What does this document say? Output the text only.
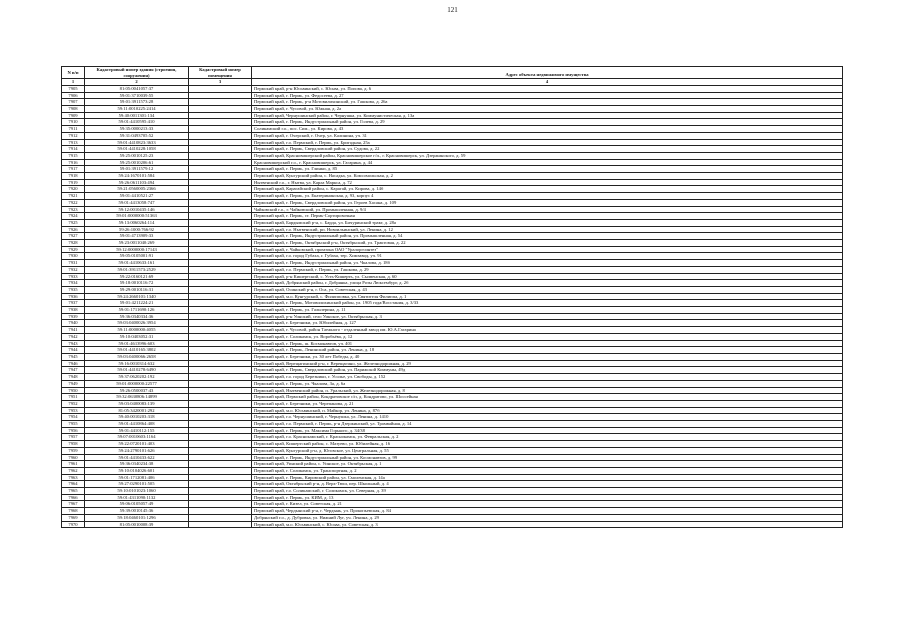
121
N п/п	Кадастровый номер здания (строения, сооружения)	Кадастровый номер помещения	Адрес объекта недвижимого имущества
1	2	3	4
7905	81:05:0041057:37		Пермский край, р-н Юсьвинский, с. Юсьва, ул. Попова, д. 6
7906	59:01:3710039:55		Пермский край, г. Пермь, ул. Федосеева, д. 27
7907	59:01:3911573:28		Пермский край, г. Пермь, р-н Мотовилихинский, ул. Гашкова, д. 26а
7908	59:11:0010225:2414		Пермский край, г. Чусовой, ул. Южная, д. 2а
7909	59:40:0011301:134		Пермский край, Чернушинский район, г. Чернушка, ул. Коммунистическая, д. 13а
7910	59:01:4410595:410		Пермский край, г. Пермь, Индустриальный район, ул. Голева, д. 29
7911	59:35:0000213:33		Соликамский г.о., пос. Сим., ул. Кирова, д. 43
7912	59:31:0493705:52		Пермский край, г. Очерский, г. Очер, ул. Калинина, уч. 31
7913	59:01:4410823:3633		Пермский край, г.о. Пермский, г. Пермь, ул. Бригадная, 25а
7914	59:01:4410228:1058		Пермский край, г. Пермь, Свердловский район, ул. Судова, д. 22
7915	59:25:0010125:23		Пермский край, Красновишерский район, Красновишерское г/п., г. Красновишерск, ул. Дзержинского, д. 59
7916	59:25:0010206:61		Красновишерский г.о., г. Красновишерск, ул. Гагарина, д. 44
7917	59:01:3911579:12		Пермский край, г. Пермь, ул. Глинки, д. 85
7918	59:24:1670101:584		Пермский край, Кунгурский район, с. Насадка, ул. Комсомольская, д. 2
7919	59:26:0611103:494		Нытвенский г.о., г. Нытва, ул. Карла Маркса, д. 72
7920	59:21:0560005:2366		Пермский край, Карагайский район, с. Карагай, ул. Кирова, д. 14б
7921	59:01:4410521:27		Пермский край, г. Пермь, ул. Екатерининская, д. 93, корпус 4
7922	59:01:4413058:747		Пермский край, г. Пермь, Свердловский район, ул. Героев Хасана, д. 109
7923	59:12:0010435:146		Чайковский г.о., г. Чайковский, ул. Промышленная, д. 9/4
7924	59:01:0000000:51363		Пермский край, г. Пермь, ст. Пермь-Сортировочная
7925	59:13:0060264:114		Пермский край, Бардымский р-н, с. Барда, ул. Бичуринский тракт, д. 28а
7926	59:26:1000:766:92		Пермский край, г.о. Нытвенский, рп. Новоильинский, ул. Ленина, д. 12
7927	59:01:4713909:33		Пермский край, г. Пермь, Индустриальный район, ул. Промышленная, д. 54
7928	59:23:0011040:269		Пермский край, г. Пермь, Октябрьский р-н, Октябрьский, ул. Трактовая, д. 22
7929	59:12:0000000:17143		Пермский край, г. Чайковский, промзона ОАО "Уралоргсинтез"
7930	59:05:0105001:91		Пермский край, г.о. город Губаха, г. Губаха, тер. Химзавод, уч. 91
7931	59:01:4410633:161		Пермский край, г. Пермь, Индустриальный район, ул. Чкалова, д. 18б
7932	59:01:3911573:2529		Пермский край, г.о. Пермский, г. Пермь, ул. Гашкова, д. 29
7933	59:22:0160121:69		Пермский край, р-н Кишертский, с. Усть-Кишерть, ул. Сылвенская, д. 60
7934	59:18:0010116:72		Пермский край, Добрянский район, г. Добрянка, улица Розы Люксембург, д. 2б
7935	59:29:0010116:31		Пермский край, Осинский р-н, г. Оса, ул. Советская, д. 43
7936	59:24:2660101:1340		Пермский край, м.о. Кунгурский, с. Филипповка, ул. Святителя Филиппа, д. 1
7937	59:01:4211224:21		Пермский край, г. Пермь, Мотовилихинский район, ул. 1905 года/Восстания, д. 3/33
7938	59:01:1711690:126		Пермский край, г. Пермь, ул. Гальперина, д. 11
7939	59:36:0340334:36		Пермский край, р-н Уинский, село Уинское, ул. Октябрьская, д. 3
7940	59:03:0400026:3954		Пермский край, г. Березники, ул. Юбилейная, д. 127
7941	59:11:0000000:4055		Пермский край, г. Чусовой, район Таежного - отдаленный завод им. Ю.А.Гагарина
7942	59:10:0403052:31		Пермский край, г. Соликамск, ул. Воробьёва, д. 12
7943	59:01:4613996:603		Пермский край, г. Пермь, ш. Космонавтов, уч. 401
7944	59:01:4410165:3802		Пермский край, г. Пермь, Ленинский район, ул. Ленина, д. 18
7945	59:03:0400066:2658		Пермский край, г. Березники, ул. 30 лет Победы, д. 40
7946	59:16:0010314:632		Пермский край, Верещагинский р-н, г. Верещагино, ул. Железнодорожная, д. 29
7947	59:01:4410278:6490		Пермский край, г. Пермь, Свердловский район, ул. Парижской Коммуны, 49д
7948	59:37:0620202:192		Пермский край, г.о. город Березники, г. Усолье, ул. Свободы, д. 152
7949	59:01:0000000:22577		Пермский край, г. Пермь, ул. Чкалова, 3а, д. 6а
7950	59:26:0500037:43		Пермский край, Нытвенский район, п. Уральский, ул. Железнодорожная, д. 8
7951	59:32:0630806:14899		Пермский край, Пермский район, Кондратовское с/п, д. Кондратово, ул. Шоссейная
7952	59:03:0400083:139		Пермский край, г. Березники, ул. Черепанова, д. 21
7953	81:05:3420001:292		Пермский край, м.о. Юсьвинский, п. Майкор, ул. Ленина, д. 87б
7954	59:40:0010203:318		Пермский край, г.о. Чернушинский, г. Чернушка, ул. Ленина, д. 1410
7955	59:01:4410864:408		Пермский край, г.о. Пермский, г. Пермь, р-н Дзержинский, ул. Трамвайная, д. 14
7956	59:01:4410112:155		Пермский край, г. Пермь, ул. Максима Горького, д. 34/38
7957	59:07:0010603:1164		Пермский край, г.о. Краснокамский, г. Краснокамск, ул. Февральская, д. 2
7958	59:22:0720101:403		Пермский край, Кишертский район, с. Мазуево, ул. Юбилейная, д. 16
7959	59:24:2790101:626		Пермский край, Кунгурский р-н, д. Юговское, ул. Центральная, д. 55
7960	59:01:4410433:622		Пермский край, г. Пермь, Индустриальный район, ул. Космонавтов, д. 99
7961	59:36:0340234:38		Пермский край, Уинский район, с. Уинское, ул. Октябрьская, д. 1
7962	59:10:0104026:601		Пермский край, г. Соликамск, ул. Транспортная, д. 2
7963	59:01:1712081:406		Пермский край, г. Пермь, Кировский район, ул. Смоленская, д. 14а
7964	59:27:0290101:505		Пермский край, Октябрьский р-н, д. Верх-Тюш, пер. Школьный, д. 4
7965	59:10:0101023:1060		Пермский край, г.о. Соликамский, г. Соликамск, ул. Северная, д. 39
7966	59:01:4311090:1132		Пермский край, г. Пермь, ул. КИМ, д. 13
7967	59:06:0105057:49		Пермский край, г. Кизел, ул. Советская, д. 21
7968	59:39:0010145:36		Пермский край, Чердынский р-н, г. Чердынь, ул. Прокопьевская, д. 84
7969	59:18:0460101:1296		Добрянский г.о., д. Дубровка, ул. Нижний Луг, уч. Ленина, д. 29
7970	81:05:0010008:39		Пермский край, м.о. Юсьвинский, с. Юсьва, ул. Советская, д. 3
